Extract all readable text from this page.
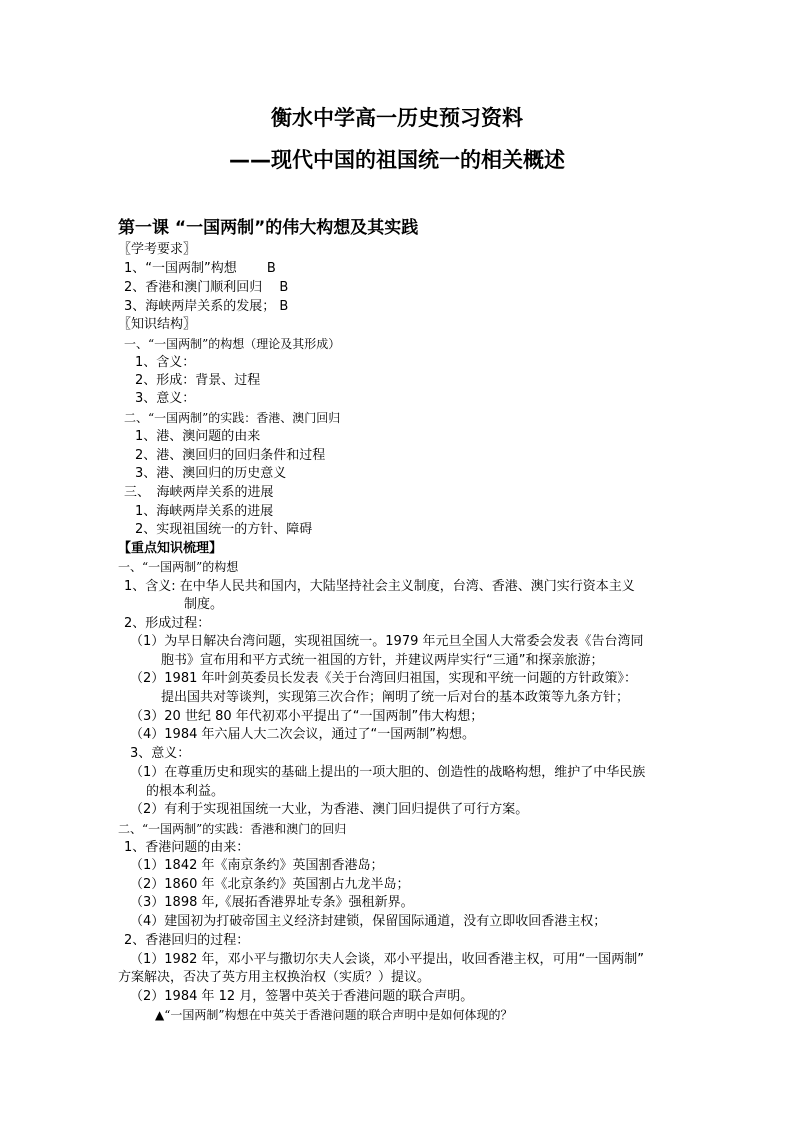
衡水中学高一历史预习资料
——现代中国的祖国统一的相关概述
第一课 “一国两制”的伟大构想及其实践
〖学考要求〗
1、“一国两制”构想　　 B
2、香港和澳门顺利回归　 B
3、海峡两岸关系的发展； B
〖知识结构〗
一、“一国两制”的构想（理论及其形成）
1、含义：
2、形成：背景、过程
3、意义：
二、“一国两制”的实践：香港、澳门回归
1、港、澳问题的由来
2、港、澳回归的回归条件和过程
3、港、澳回归的历史意义
三、　海峡两岸关系的进展
1、海峡两岸关系的进展
2、实现祖国统一的方针、障碍
【重点知识梳理】
一、“一国两制”的构想
1、含义: 在中华人民共和国内，大陆坚持社会主义制度，台湾、香港、澳门实行资本主义
制度。
2、形成过程：
（1）为早日解决台湾问题，实现祖国统一。1979 年元旦全国人大常委会发表《告台湾同
胞书》宣布用和平方式统一祖国的方针，并建议两岸实行“三通”和探亲旅游；
（2）1981 年叶剑英委员长发表《关于台湾回归祖国，实现和平统一问题的方针政策》：
提出国共对等谈判，实现第三次合作；阐明了统一后对台的基本政策等九条方针；
（3）20 世纪 80 年代初邓小平提出了“一国两制”伟大构想；
（4）1984 年六届人大二次会议，通过了“一国两制”构想。
3、意义：
（1）在尊重历史和现实的基础上提出的一项大胆的、创造性的战略构想，维护了中华民族
的根本利益。
（2）有利于实现祖国统一大业，为香港、澳门回归提供了可行方案。
二、“一国两制”的实践：香港和澳门的回归
1、香港问题的由来：
（1）1842 年《南京条约》英国割香港岛；
（2）1860 年《北京条约》英国割占九龙半岛；
（3）1898 年,《展拓香港界址专条》强租新界。
（4）建国初为打破帝国主义经济封建锁，保留国际通道，没有立即收回香港主权；
2、香港回归的过程：
（1）1982 年，邓小平与撒切尔夫人会谈，邓小平提出，收回香港主权，可用“一国两制”
方案解决，否决了英方用主权换治权（实质？）提议。
（2）1984 年 12 月，签署中英关于香港问题的联合声明。
▲“一国两制”构想在中英关于香港问题的联合声明中是如何体现的？
